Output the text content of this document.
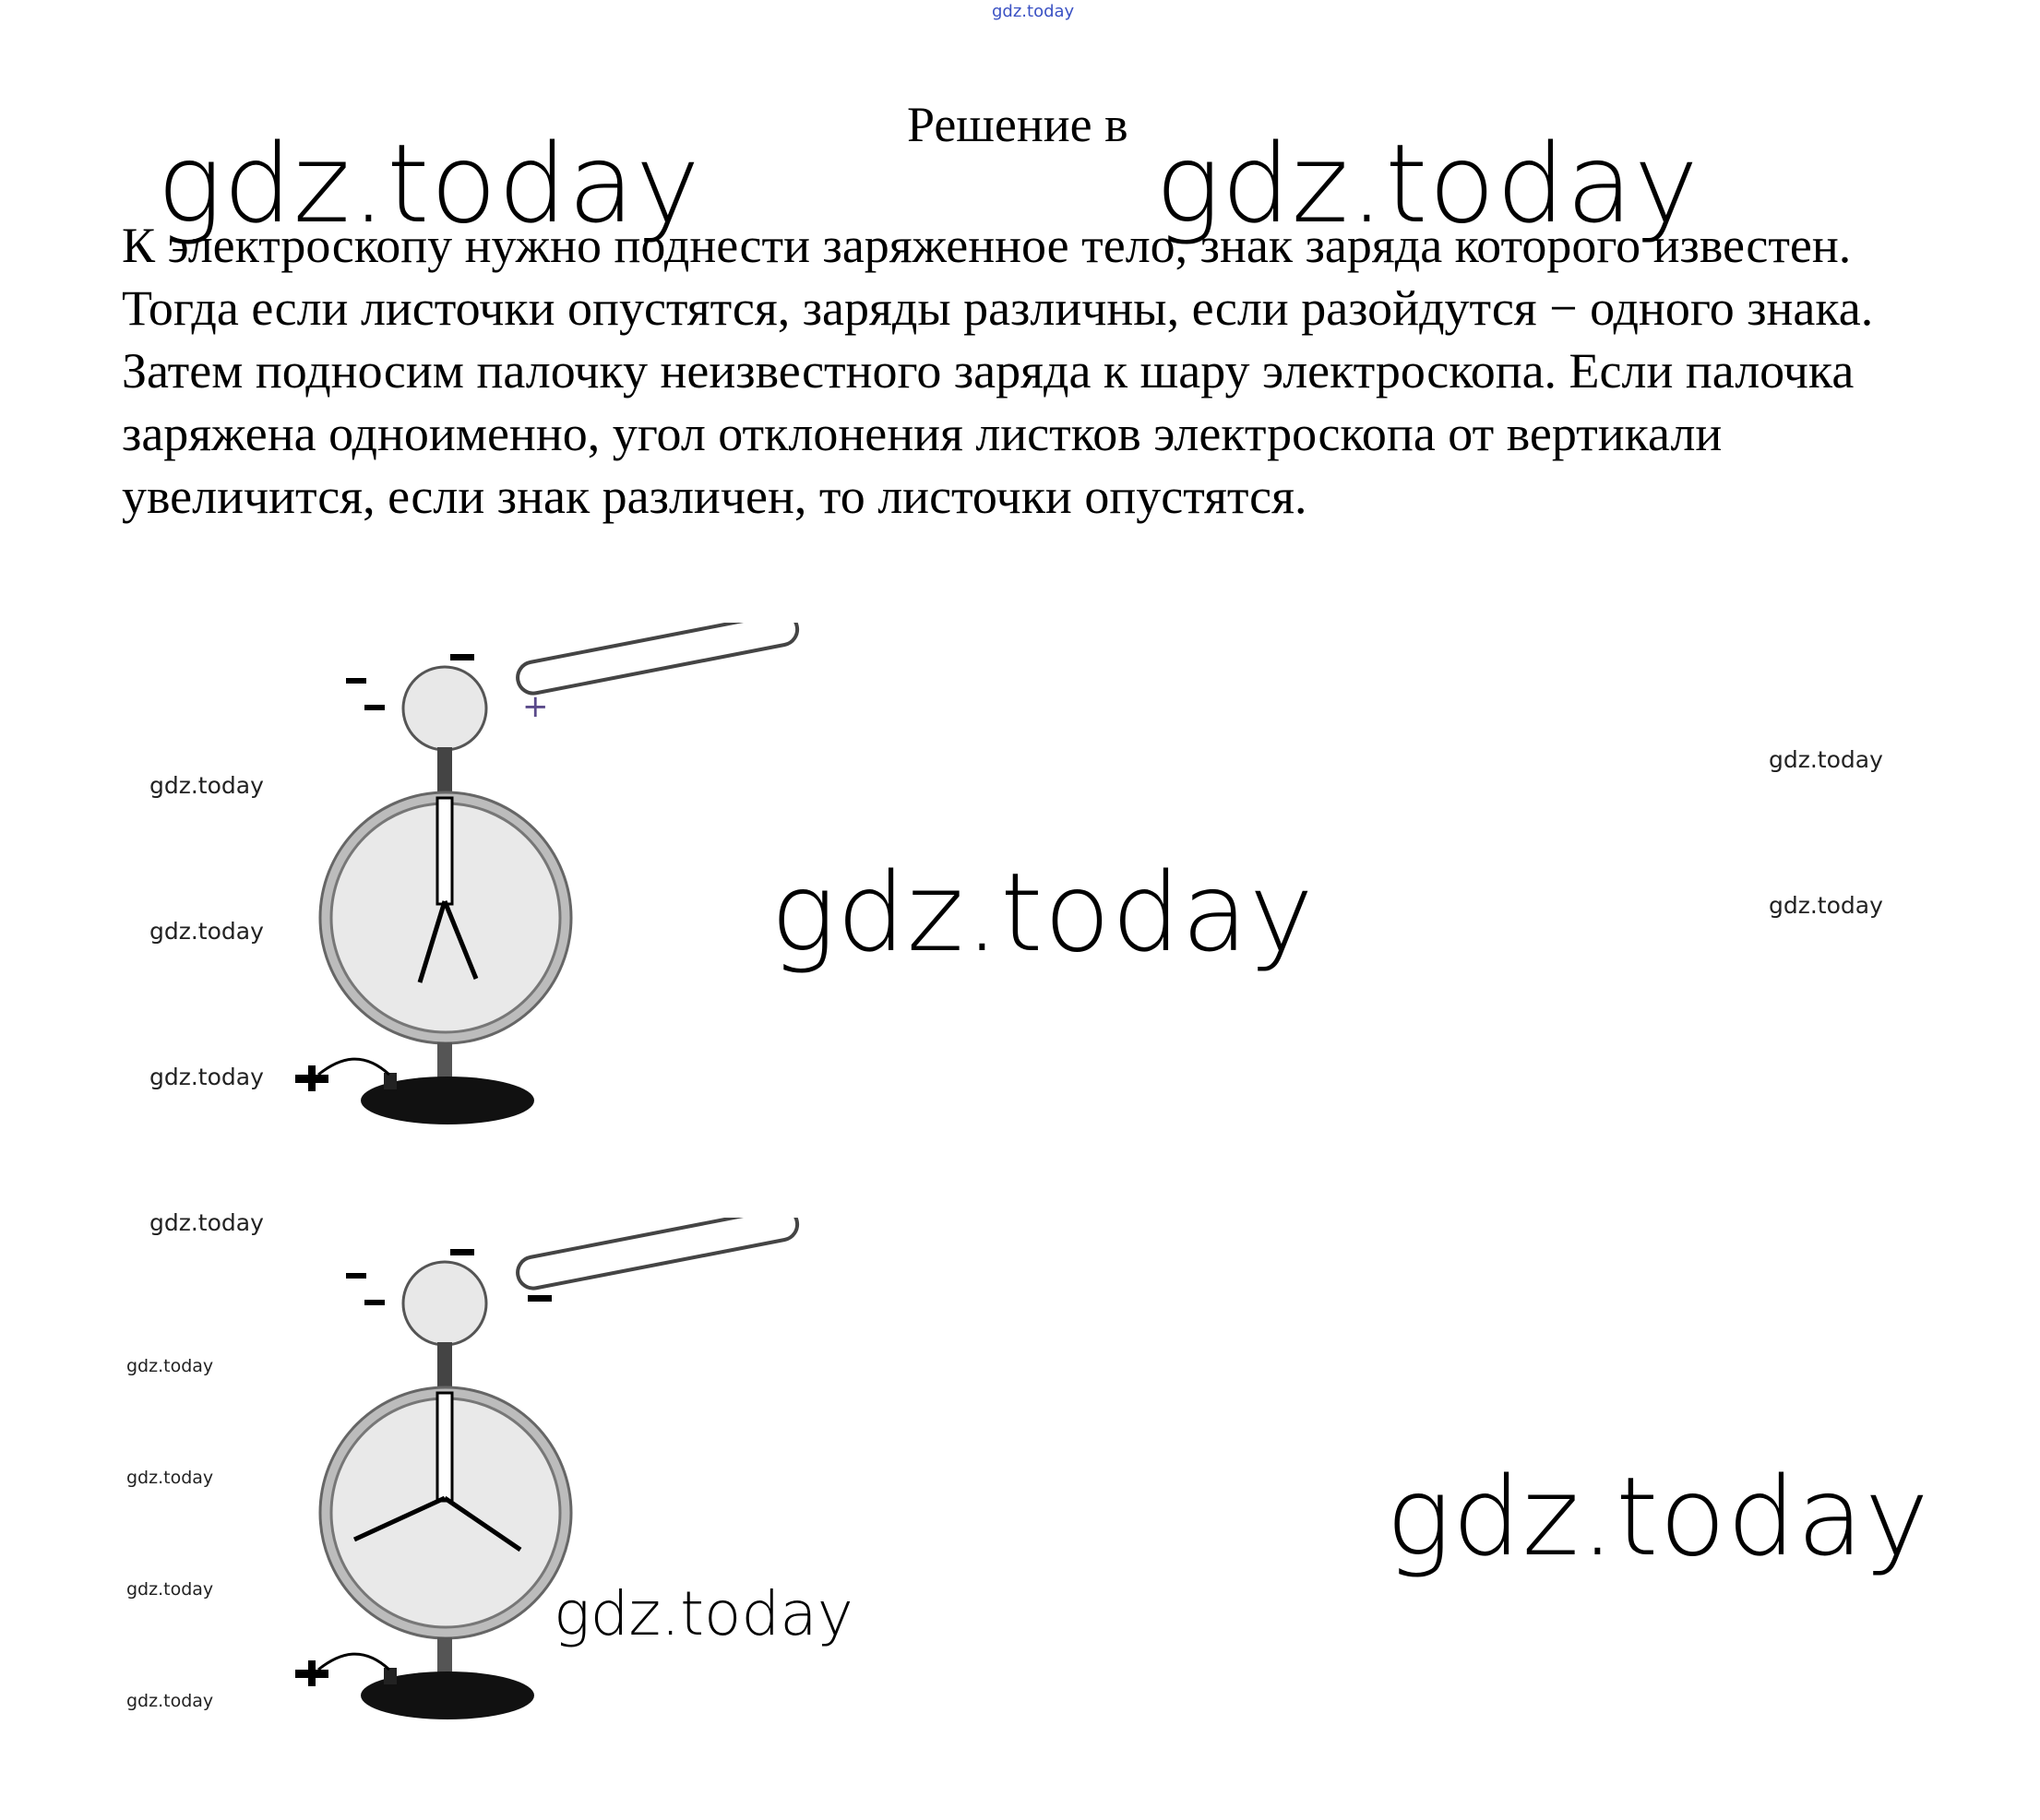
gdz.today
Решение в
gdz.today	gdz.today

К электроскопу нужно поднести заряженное тело, знак заряда которого известен. Тогда если листочки опустятся, заряды различны, если разойдутся − одного знака. Затем подносим палочку неизвестного заряда к шару электроскопа. Если палочка заряжена одноименно, угол отклонения листков электроскопа от вертикали увеличится, если знак различен, то листочки опустятся.

+
gdz.today
gdz.today
gdz.today
gdz.today
gdz.today
gdz.today
gdz.today
gdz.today
gdz.today
gdz.today
gdz.today
gdz.today
gdz.today
